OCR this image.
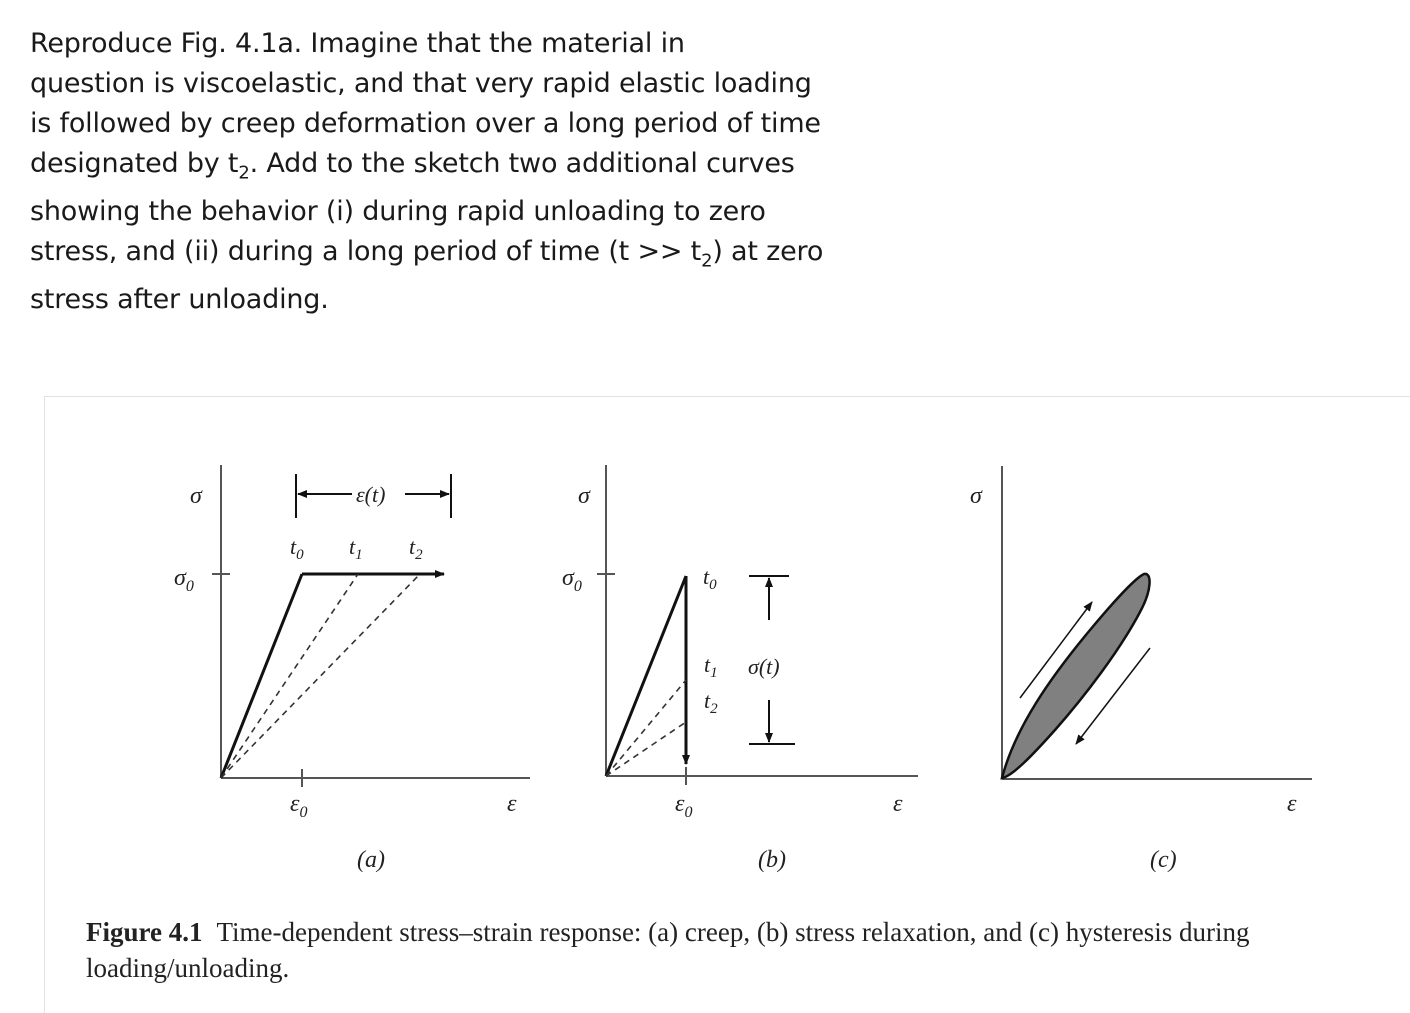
Reproduce Fig. 4.1a. Imagine that the material in
question is viscoelastic, and that very rapid elastic loading
is followed by creep deformation over a long period of time
designated by $t_2$. Add to the sketch two additional curves
showing the behavior (i) during rapid unloading to zero
stress, and (ii) during a long period of time $(t >> t_2)$ at zero
stress after unloading.

σ
$\sigma_0$
$\varepsilon_0$	ε
ε(t)
$t_0$ $t_1$ $t_2$
(a)
σ
$\sigma_0$
$\varepsilon_0$	ε
$t_0$
$t_1$
$t_2$
σ(t)
(b)
σ
ε
(c)
Figure 4.1 Time-dependent stress–strain response: (a) creep, (b) stress relaxation, and (c) hysteresis during
loading/unloading.
